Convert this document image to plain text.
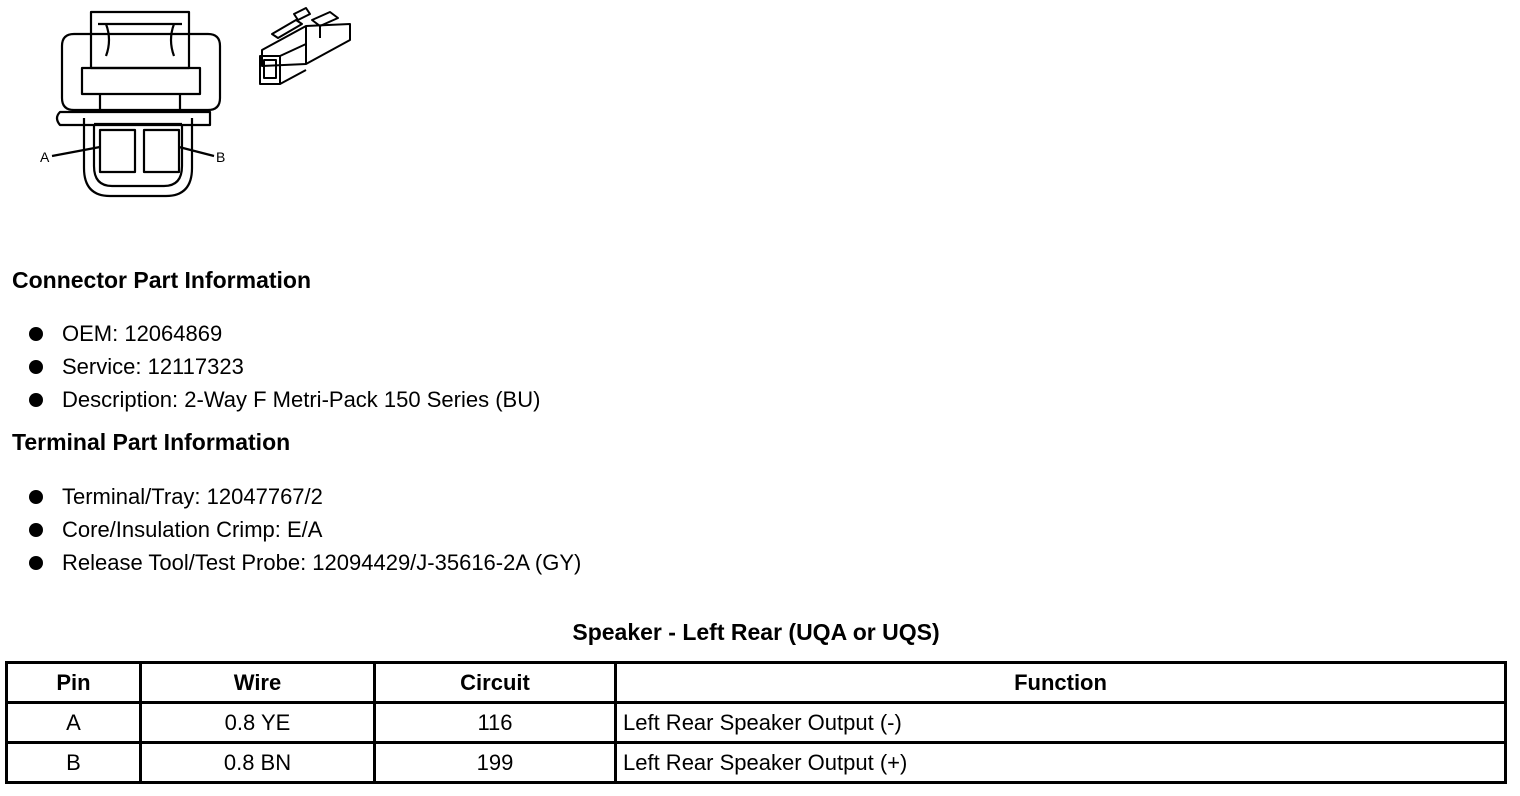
A	B
Connector Part Information
OEM: 12064869
Service: 12117323
Description: 2-Way F Metri-Pack 150 Series (BU)
Terminal Part Information
Terminal/Tray: 12047767/2
Core/Insulation Crimp: E/A
Release Tool/Test Probe: 12094429/J-35616-2A (GY)
Speaker - Left Rear (UQA or UQS)
Pin	Wire	Circuit	Function
A	0.8 YE	116	Left Rear Speaker Output (-)
B	0.8 BN	199	Left Rear Speaker Output (+)
